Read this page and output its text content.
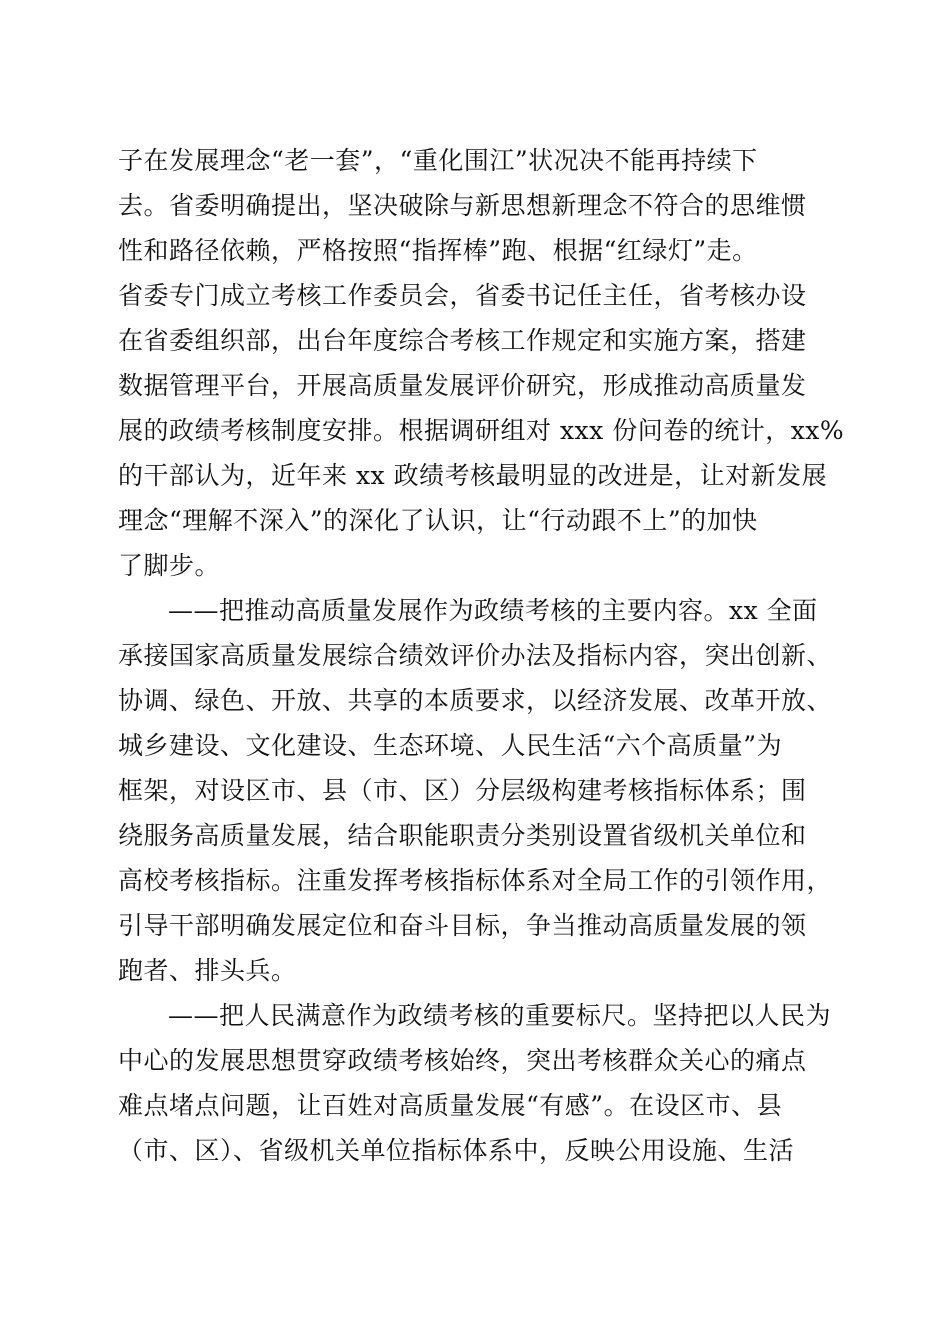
子在发展理念“老一套”，“重化围江”状况决不能再持续下
去。省委明确提出，坚决破除与新思想新理念不符合的思维惯
性和路径依赖，严格按照“指挥棒”跑、根据“红绿灯”走。
省委专门成立考核工作委员会，省委书记任主任，省考核办设
在省委组织部，出台年度综合考核工作规定和实施方案，搭建
数据管理平台，开展高质量发展评价研究，形成推动高质量发
展的政绩考核制度安排。根据调研组对 xxx 份问卷的统计，xx%
的干部认为，近年来 xx 政绩考核最明显的改进是，让对新发展
理念“理解不深入”的深化了认识，让“行动跟不上”的加快
了脚步。
——把推动高质量发展作为政绩考核的主要内容。xx 全面
承接国家高质量发展综合绩效评价办法及指标内容，突出创新、
协调、绿色、开放、共享的本质要求，以经济发展、改革开放、
城乡建设、文化建设、生态环境、人民生活“六个高质量”为
框架，对设区市、县（市、区）分层级构建考核指标体系；围
绕服务高质量发展，结合职能职责分类别设置省级机关单位和
高校考核指标。注重发挥考核指标体系对全局工作的引领作用，
引导干部明确发展定位和奋斗目标，争当推动高质量发展的领
跑者、排头兵。
——把人民满意作为政绩考核的重要标尺。坚持把以人民为
中心的发展思想贯穿政绩考核始终，突出考核群众关心的痛点
难点堵点问题，让百姓对高质量发展“有感”。在设区市、县
（市、区）、省级机关单位指标体系中，反映公用设施、生活
